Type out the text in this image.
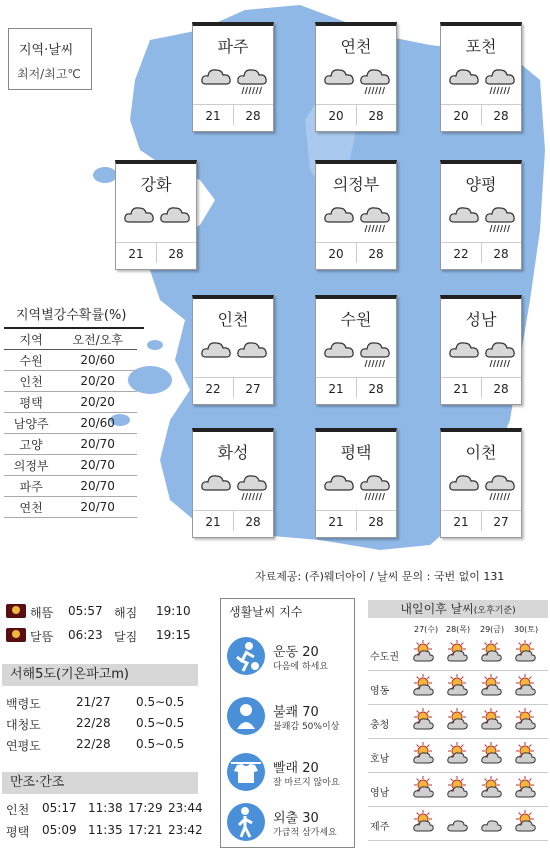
지역·날씨
최저/최고℃
파주
21	28
연천
20	28
포천
20	28
강화
21	28
의정부
20	28
양평
22	28
인천
22	27
수원
21	28
성남
21	28
화성
21	28
평택
21	28
이천
21	27
지역별강수확률(%)
지역	오전/오후
수원	20/60
인천	20/20
평택	20/20
남양주	20/60
고양	20/70
의정부	20/70
파주	20/70
연천	20/70
자료제공: (주)웨더아이 / 날씨 문의 : 국번 없이 131
해뜸 05:57 해짐 19:10
달뜸 06:23 달짐 19:15
서해5도(기온파고m)
백령도	21/27 0.5∼0.5
대청도	22/28 0.5∼0.5
연평도	22/28 0.5∼0.5
만조·간조
인천 05:17 11:38 17:29 23:44
평택 05:09 11:35 17:21 23:42
생활날씨 지수
운동 20
다음에 하세요
불쾌 70
불쾌감 50%이상
빨래 20
잘 마르지 않아요
외출 30
가급적 삼가세요
내일이후 날씨(오후기준)
27(수) 28(목) 29(금) 30(토)
수도권
영동
충청
호남
영남
제주
